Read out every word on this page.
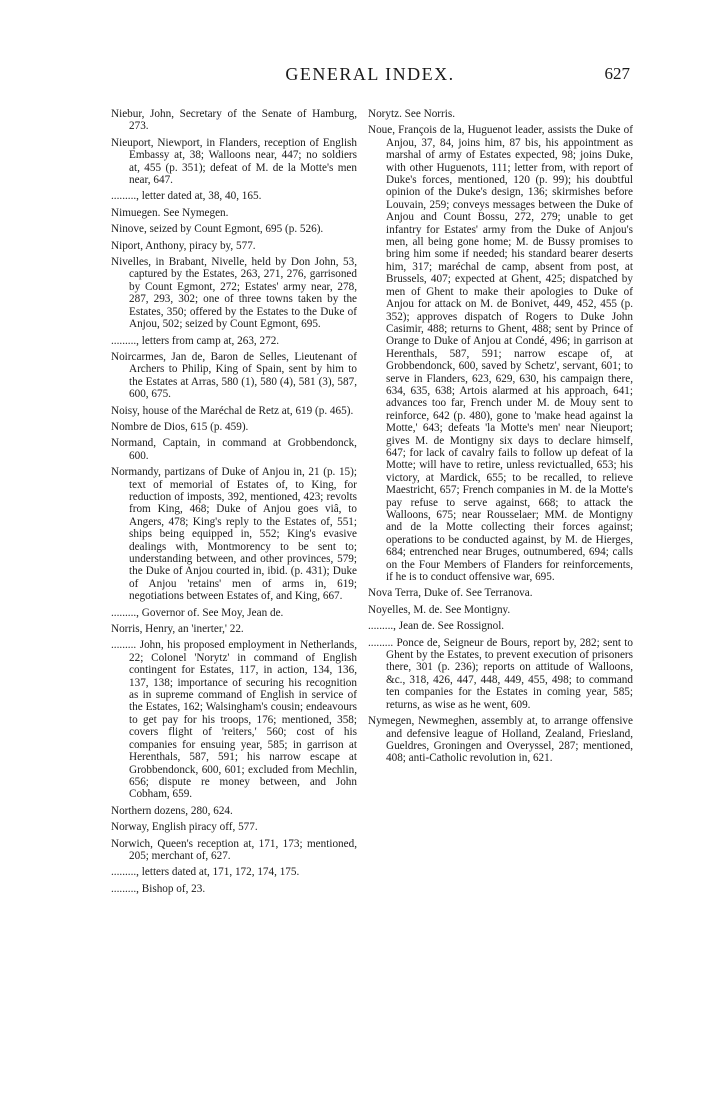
GENERAL INDEX.	627
Niebur, John, Secretary of the Senate of Hamburg, 273.
Nieuport, Niewport, in Flanders, reception of English Embassy at, 38; Walloons near, 447; no soldiers at, 455 (p. 351); defeat of M. de la Motte's men near, 647.
........., letter dated at, 38, 40, 165.
Nimuegen. See Nymegen.
Ninove, seized by Count Egmont, 695 (p. 526).
Niport, Anthony, piracy by, 577.
Nivelles, in Brabant, Nivelle, held by Don John, 53, captured by the Estates, 263, 271, 276, garrisoned by Count Egmont, 272; Estates' army near, 278, 287, 293, 302; one of three towns taken by the Estates, 350; offered by the Estates to the Duke of Anjou, 502; seized by Count Egmont, 695.
........., letters from camp at, 263, 272.
Noircarmes, Jan de, Baron de Selles, Lieutenant of Archers to Philip, King of Spain, sent by him to the Estates at Arras, 580 (1), 580 (4), 581 (3), 587, 600, 675.
Noisy, house of the Maréchal de Retz at, 619 (p. 465).
Nombre de Dios, 615 (p. 459).
Normand, Captain, in command at Grobbendonck, 600.
Normandy, partizans of Duke of Anjou in, 21 (p. 15); text of memorial of Estates of, to King, for reduction of imposts, 392, mentioned, 423; revolts from King, 468; Duke of Anjou goes viâ, to Angers, 478; King's reply to the Estates of, 551; ships being equipped in, 552; King's evasive dealings with, Montmorency to be sent to; understanding between, and other provinces, 579; the Duke of Anjou courted in, ibid. (p. 431); Duke of Anjou 'retains' men of arms in, 619; negotiations between Estates of, and King, 667.
........., Governor of. See Moy, Jean de.
Norris, Henry, an 'inerter,' 22.
......... John, his proposed employment in Netherlands, 22; Colonel 'Norytz' in command of English contingent for Estates, 117, in action, 134, 136, 137, 138; importance of securing his recognition as in supreme command of English in service of the Estates, 162; Walsingham's cousin; endeavours to get pay for his troops, 176; mentioned, 358; covers flight of 'reiters,' 560; cost of his companies for ensuing year, 585; in garrison at Herenthals, 587, 591; his narrow escape at Grobbendonck, 600, 601; excluded from Mechlin, 656; dispute re money between, and John Cobham, 659.
Northern dozens, 280, 624.
Norway, English piracy off, 577.
Norwich, Queen's reception at, 171, 173; mentioned, 205; merchant of, 627.
........., letters dated at, 171, 172, 174, 175.
........., Bishop of, 23.
Norytz. See Norris.
Noue, François de la, Huguenot leader, assists the Duke of Anjou, 37, 84, joins him, 87 bis, his appointment as marshal of army of Estates expected, 98; joins Duke, with other Huguenots, 111; letter from, with report of Duke's forces, mentioned, 120 (p. 99); his doubtful opinion of the Duke's design, 136; skirmishes before Louvain, 259; conveys messages between the Duke of Anjou and Count Bossu, 272, 279; unable to get infantry for Estates' army from the Duke of Anjou's men, all being gone home; M. de Bussy promises to bring him some if needed; his standard bearer deserts him, 317; maréchal de camp, absent from post, at Brussels, 407; expected at Ghent, 425; dispatched by men of Ghent to make their apologies to Duke of Anjou for attack on M. de Bonivet, 449, 452, 455 (p. 352); approves dispatch of Rogers to Duke John Casimir, 488; returns to Ghent, 488; sent by Prince of Orange to Duke of Anjou at Condé, 496; in garrison at Herenthals, 587, 591; narrow escape of, at Grobbendonck, 600, saved by Schetz', servant, 601; to serve in Flanders, 623, 629, 630, his campaign there, 634, 635, 638; Artois alarmed at his approach, 641; advances too far, French under M. de Mouy sent to reinforce, 642 (p. 480), gone to 'make head against la Motte,' 643; defeats 'la Motte's men' near Nieuport; gives M. de Montigny six days to declare himself, 647; for lack of cavalry fails to follow up defeat of la Motte; will have to retire, unless revictualled, 653; his victory, at Mardick, 655; to be recalled, to relieve Maestricht, 657; French companies in M. de la Motte's pay refuse to serve against, 668; to attack the Walloons, 675; near Rousselaer; MM. de Montigny and de la Motte collecting their forces against; operations to be conducted against, by M. de Hierges, 684; entrenched near Bruges, outnumbered, 694; calls on the Four Members of Flanders for reinforcements, if he is to conduct offensive war, 695.
Nova Terra, Duke of. See Terranova.
Noyelles, M. de. See Montigny.
........., Jean de. See Rossignol.
......... Ponce de, Seigneur de Bours, report by, 282; sent to Ghent by the Estates, to prevent execution of prisoners there, 301 (p. 236); reports on attitude of Walloons, &c., 318, 426, 447, 448, 449, 455, 498; to command ten companies for the Estates in coming year, 585; returns, as wise as he went, 609.
Nymegen, Newmeghen, assembly at, to arrange offensive and defensive league of Holland, Zealand, Friesland, Gueldres, Groningen and Overyssel, 287; mentioned, 408; anti-Catholic revolution in, 621.
